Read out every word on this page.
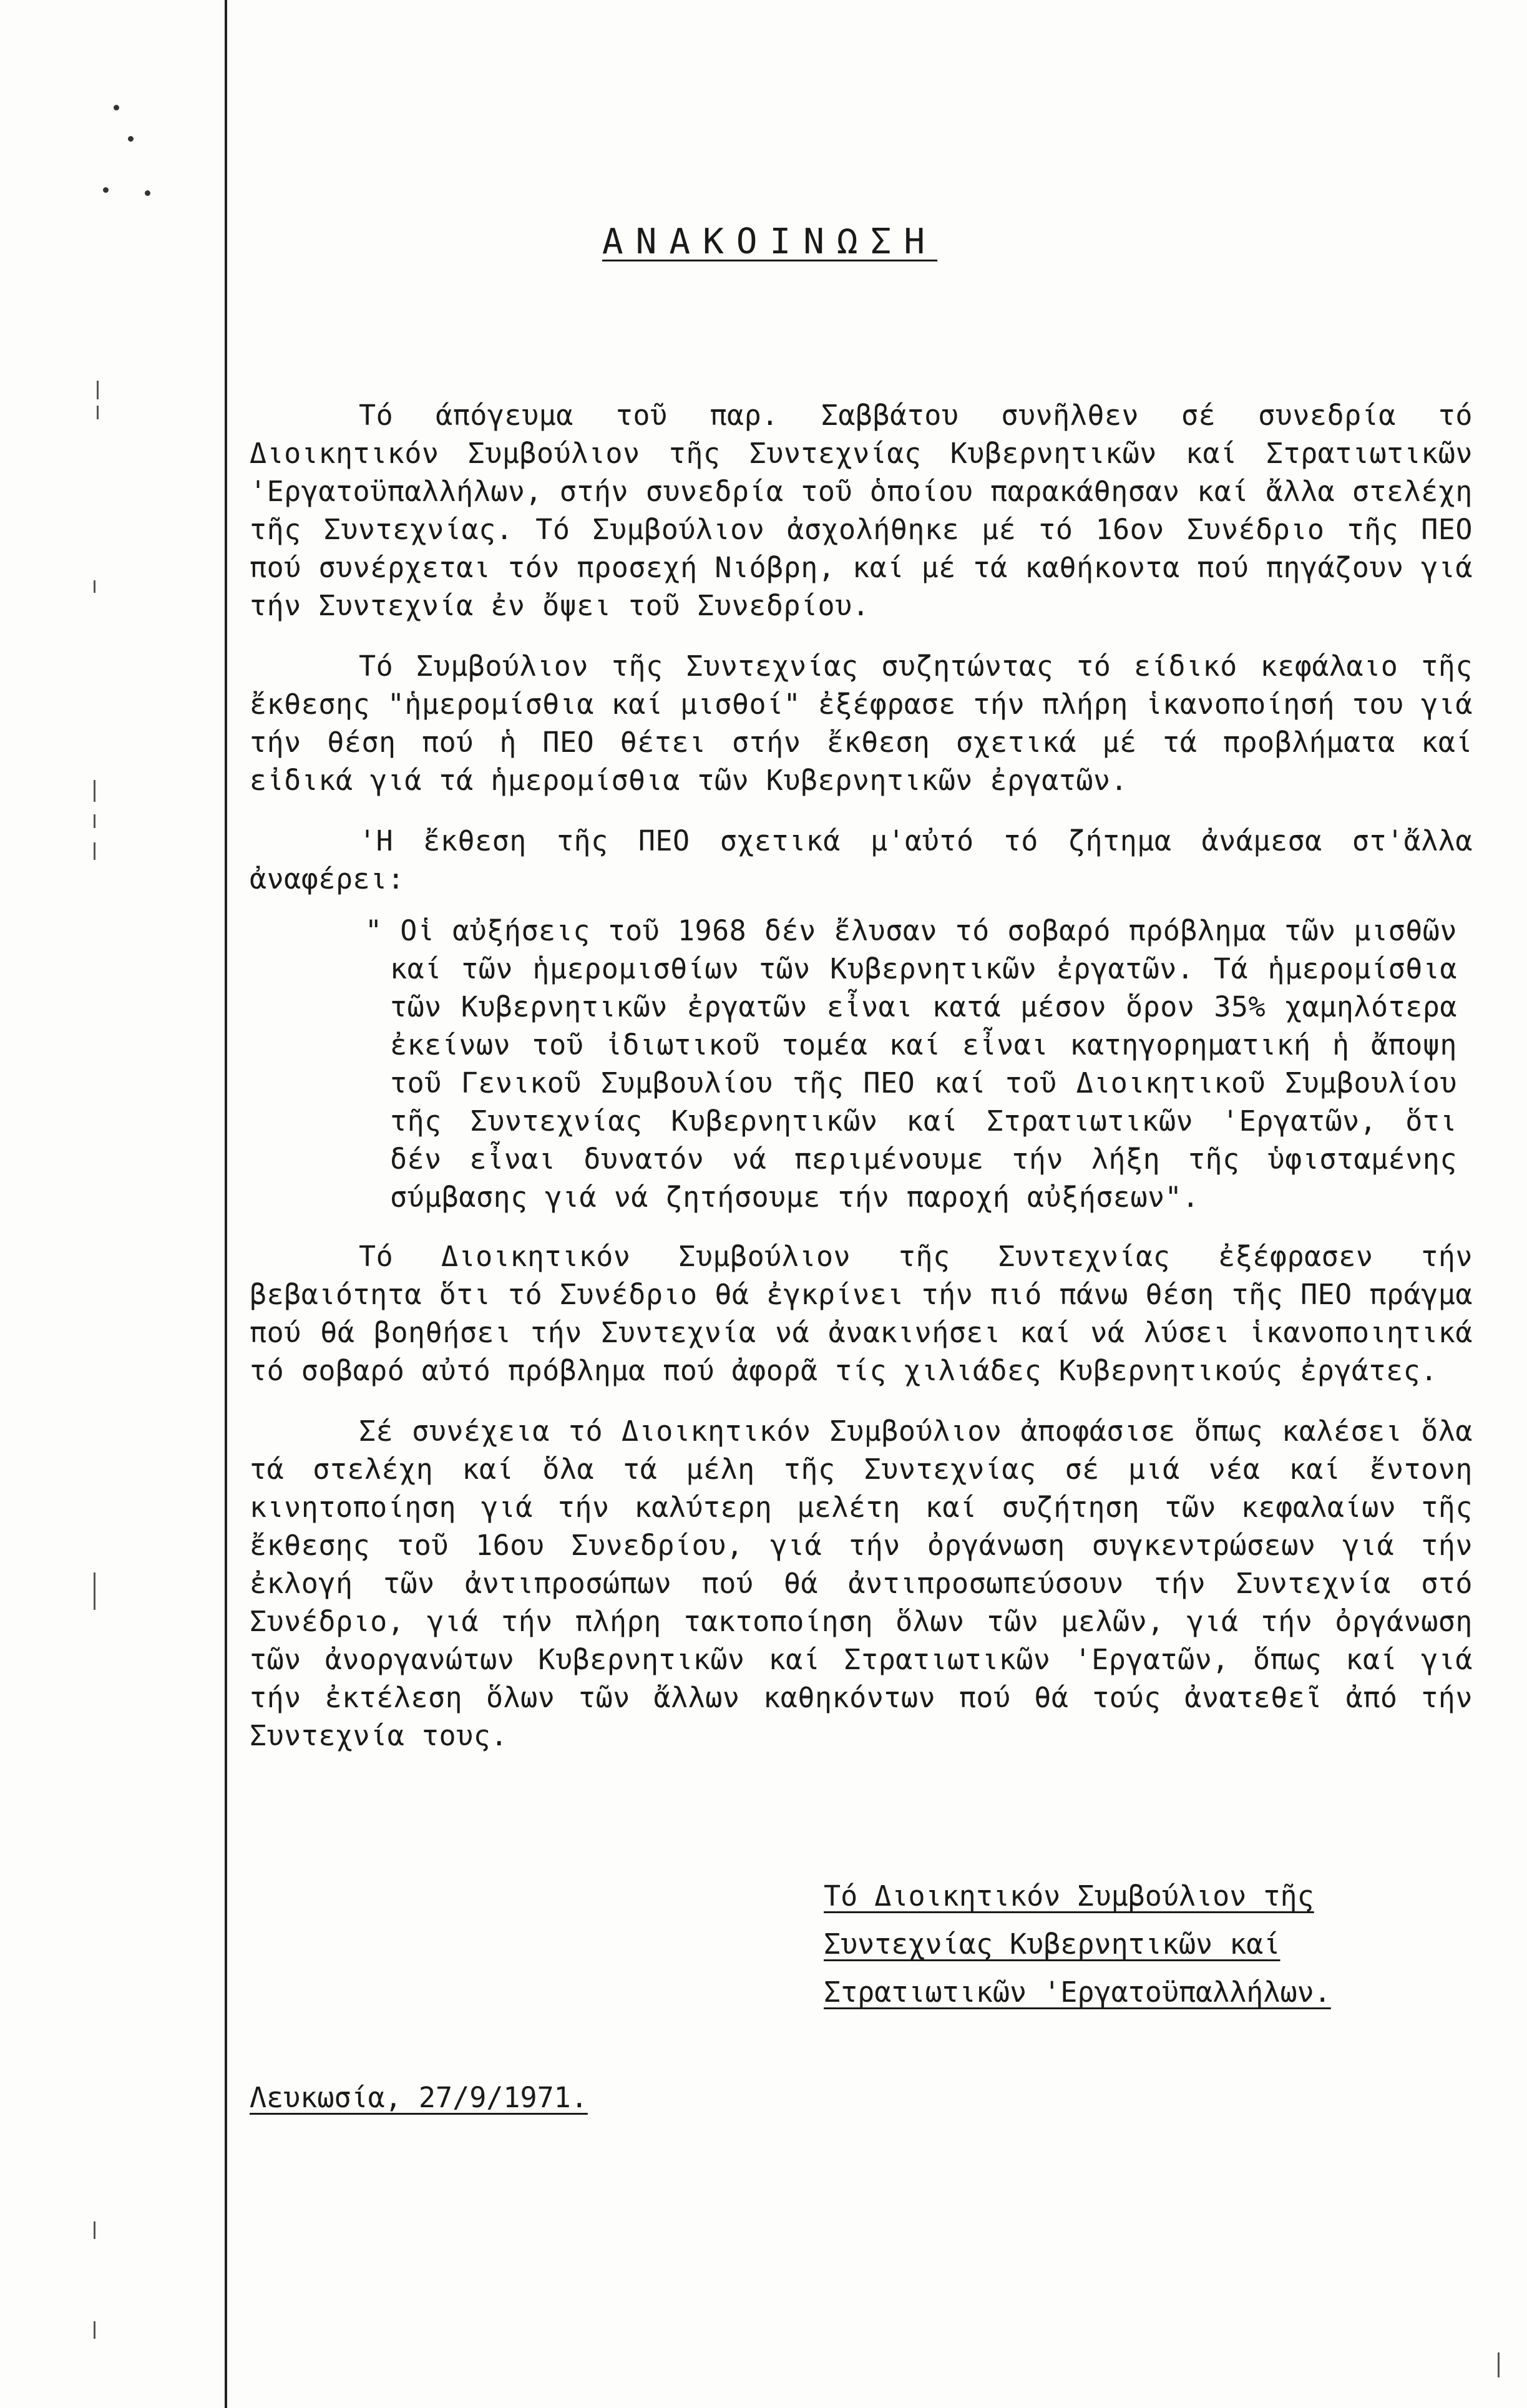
ΑΝΑΚΟΙΝΩΣΗ

Τό άπόγευμα τοῦ παρ. Σαββάτου συνῆλθεν σέ συνεδρία τό Διοικητικόν Συμβούλιον τῆς Συντεχνίας Κυβερνητικῶν καί Στρατιωτικῶν 'Εργατοϋπαλλήλων, στήν συνεδρία τοῦ ὁποίου παρακάθησαν καί ἄλλα στελέχη τῆς Συντεχνίας. Τό Συμβούλιον ἀσχολήθηκε μέ τό 16ον Συνέδριο τῆς ΠΕΟ πού συνέρχεται τόν προσεχή Νιόβρη, καί μέ τά καθήκοντα πού πηγάζουν γιά τήν Συντεχνία ἐν ὄψει τοῦ Συνεδρίου.

Τό Συμβούλιον τῆς Συντεχνίας συζητώντας τό είδικό κεφάλαιο τῆς ἔκθεσης "ἡμερομίσθια καί μισθοί" ἐξέφρασε τήν πλήρη ἱκανοποίησή του γιά τήν θέση πού ἡ ΠΕΟ θέτει στήν ἔκθεση σχετικά μέ τά προβλήματα καί εἰδικά γιά τά ἡμερομίσθια τῶν Κυβερνητικῶν ἐργατῶν.

'Η ἔκθεση τῆς ΠΕΟ σχετικά μ'αὐτό τό ζήτημα ἀνάμεσα στ'ἄλλα ἀναφέρει:

" Οἱ αὐξήσεις τοῦ 1968 δέν ἔλυσαν τό σοβαρό πρόβλημα τῶν μισθῶν καί τῶν ἡμερομισθίων τῶν Κυβερνητικῶν ἐργατῶν. Τά ἡμερομίσθια τῶν Κυβερνητικῶν ἐργατῶν εἶναι κατά μέσον ὅρον 35% χαμηλότερα ἐκείνων τοῦ ἰδιωτικοῦ τομέα καί εἶναι κατηγορηματική ἡ ἄποψη τοῦ Γενικοῦ Συμβουλίου τῆς ΠΕΟ καί τοῦ Διοικητικοῦ Συμβουλίου τῆς Συντεχνίας Κυβερνητικῶν καί Στρατιωτικῶν 'Εργατῶν, ὅτι δέν εἶναι δυνατόν νά περιμένουμε τήν λήξη τῆς ὑφισταμένης σύμβασης γιά νά ζητήσουμε τήν παροχή αὐξήσεων".

Τό Διοικητικόν Συμβούλιον τῆς Συντεχνίας ἐξέφρασεν τήν βεβαιότητα ὅτι τό Συνέδριο θά ἐγκρίνει τήν πιό πάνω θέση τῆς ΠΕΟ πράγμα πού θά βοηθήσει τήν Συντεχνία νά ἀνακινήσει καί νά λύσει ἱκανοποιητικά τό σοβαρό αὐτό πρόβλημα πού ἀφορᾶ τίς χιλιάδες Κυβερνητικούς ἐργάτες.

Σέ συνέχεια τό Διοικητικόν Συμβούλιον ἀποφάσισε ὅπως καλέσει ὅλα τά στελέχη καί ὅλα τά μέλη τῆς Συντεχνίας σέ μιά νέα καί ἔντονη κινητοποίηση γιά τήν καλύτερη μελέτη καί συζήτηση τῶν κεφαλαίων τῆς ἔκθεσης τοῦ 16ου Συνεδρίου, γιά τήν ὀργάνωση συγκεντρώσεων γιά τήν ἐκλογή τῶν ἀντιπροσώπων πού θά ἀντιπροσωπεύσουν τήν Συντεχνία στό Συνέδριο, γιά τήν πλήρη τακτοποίηση ὅλων τῶν μελῶν, γιά τήν ὀργάνωση τῶν ἀνοργανώτων Κυβερνητικῶν καί Στρατιωτικῶν 'Εργατῶν, ὅπως καί γιά τήν ἐκτέλεση ὅλων τῶν ἄλλων καθηκόντων πού θά τούς ἀνατεθεῖ ἀπό τήν Συντεχνία τους.

Τό Διοικητικόν Συμβούλιον τῆς
Συντεχνίας Κυβερνητικῶν καί
Στρατιωτικῶν 'Εργατοϋπαλλήλων.
Λευκωσία, 27/9/1971.
